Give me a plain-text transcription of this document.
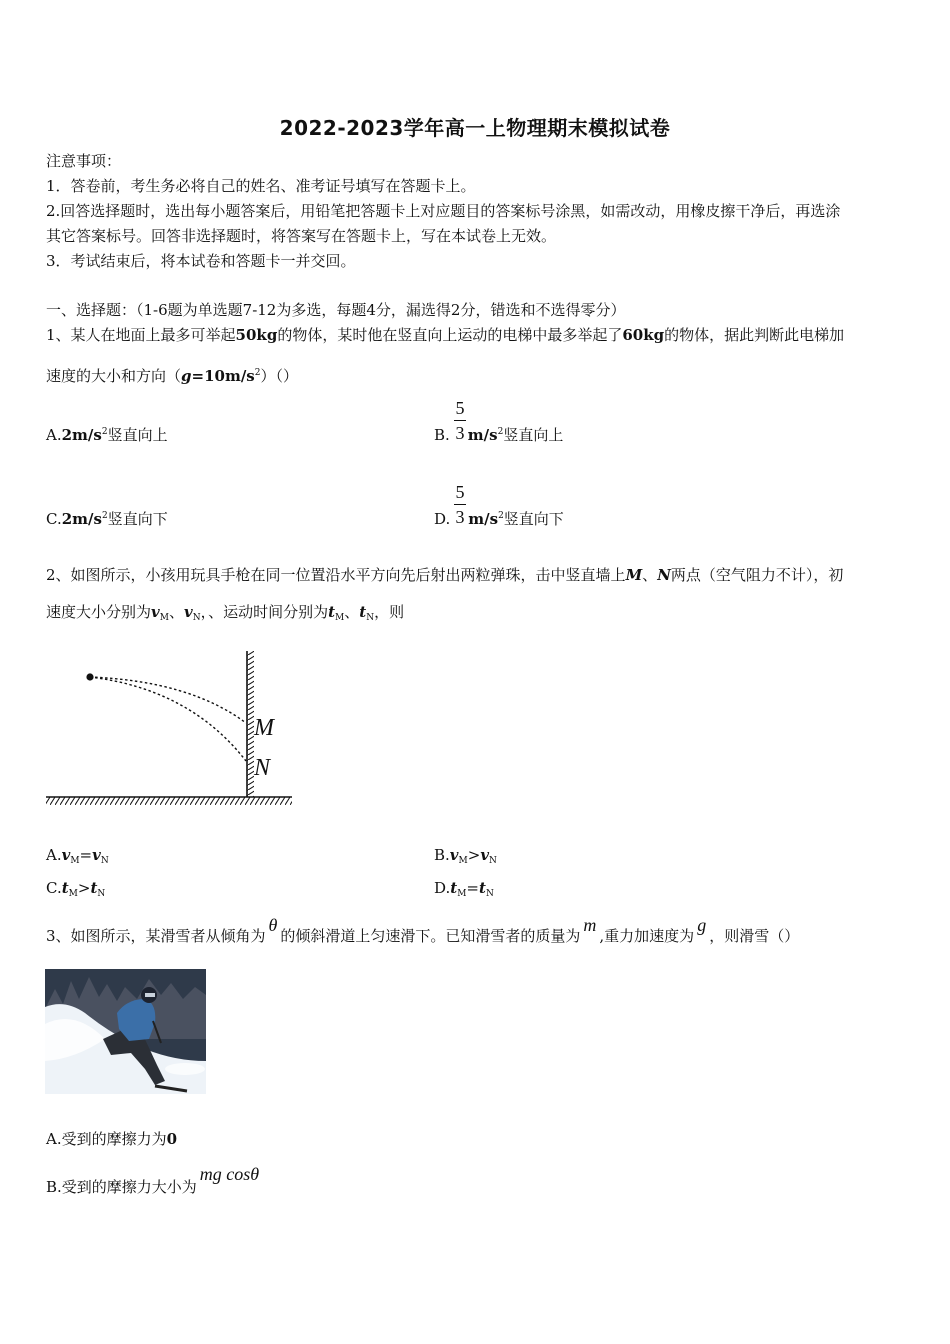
2022-2023学年高一上物理期末模拟试卷
注意事项：
1．答卷前，考生务必将自己的姓名、准考证号填写在答题卡上。
2.回答选择题时，选出每小题答案后，用铅笔把答题卡上对应题目的答案标号涂黑，如需改动，用橡皮擦干净后，再选涂
其它答案标号。回答非选择题时，将答案写在答题卡上，写在本试卷上无效。
3．考试结束后，将本试卷和答题卡一并交回。
一、选择题：（1-6题为单选题7-12为多选，每题4分，漏选得2分，错选和不选得零分）
1、某人在地面上最多可举起50kg的物体，某时他在竖直向上运动的电梯中最多举起了60kg的物体，据此判断此电梯加
速度的大小和方向$(g=10m/s^2)()$
$A.2m/s^2$竖直向上	B. $m/s^2$竖直向上
5
3
$C.2m/s^2$竖直向下	D. $m/s^2$竖直向下
5
3
2、如图所示，小孩用玩具手枪在同一位置沿水平方向先后射出两粒弹珠，击中竖直墙上M、N两点（空气阻力不计），初
速度大小分别为$v_M$、$v_N$，、运动时间分别为$t_M$、$t_N$，则
M
N
$A.v_M=v_N$	$B.v_M>v_N$
$C.t_M>t_N$	$D.t_M=t_N$
3、如图所示，某滑雪者从倾角为θ的倾斜滑道上匀速滑下。已知滑雪者的质量为m,重力加速度为g，则滑雪（）
A.受到的摩擦力为0
B.受到的摩擦力大小为mg cosθ
